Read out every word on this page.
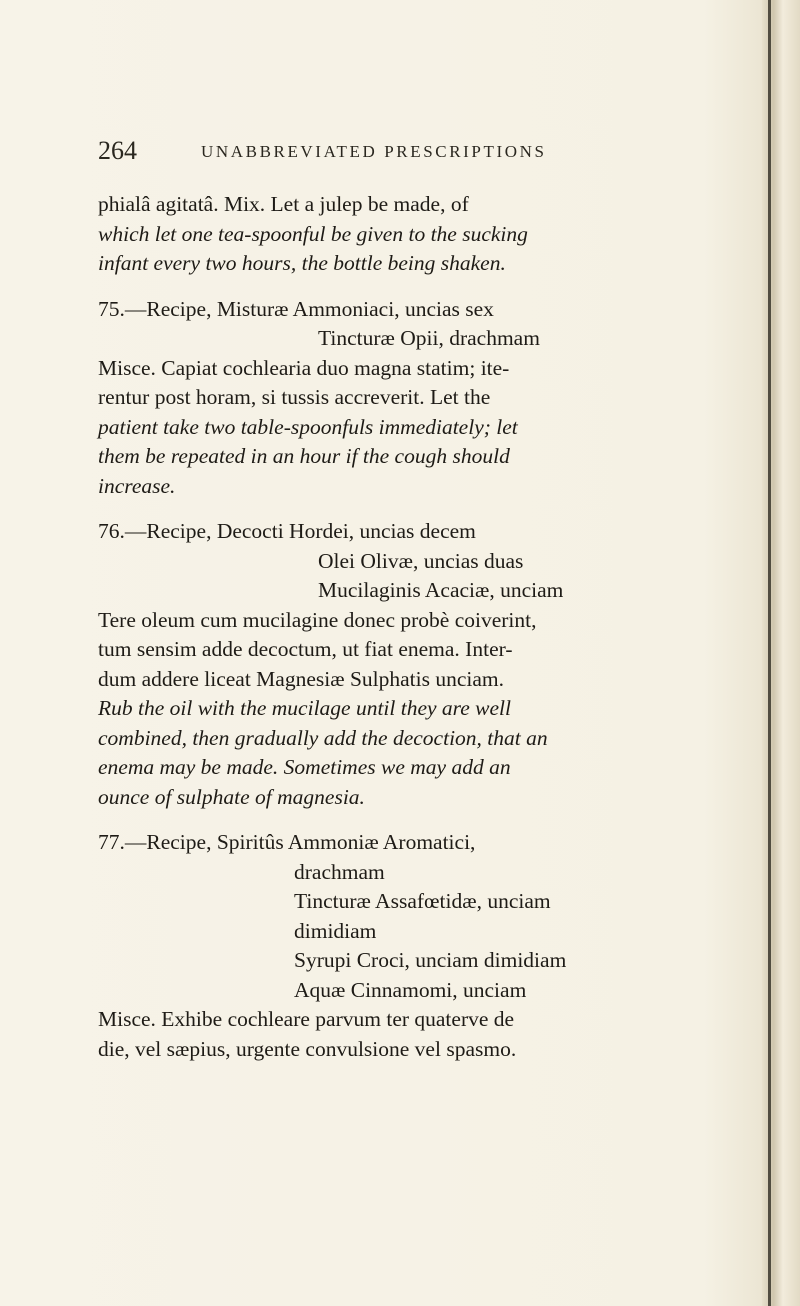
264	UNABBREVIATED PRESCRIPTIONS

phialâ agitatâ. Mix. Let a julep be made, of
which let one tea-spoonful be given to the sucking
infant every two hours, the bottle being shaken.

75.—Recipe, Misturæ Ammoniaci, uncias sex
Tincturæ Opii, drachmam
Misce. Capiat cochlearia duo magna statim; ite-
rentur post horam, si tussis accreverit. Let the
patient take two table-spoonfuls immediately; let
them be repeated in an hour if the cough should
increase.

76.—Recipe, Decocti Hordei, uncias decem
Olei Olivæ, uncias duas
Mucilaginis Acaciæ, unciam
Tere oleum cum mucilagine donec probè coiverint,
tum sensim adde decoctum, ut fiat enema. Inter-
dum addere liceat Magnesiæ Sulphatis unciam.
Rub the oil with the mucilage until they are well
combined, then gradually add the decoction, that an
enema may be made. Sometimes we may add an
ounce of sulphate of magnesia.

77.—Recipe, Spiritûs Ammoniæ Aromatici,
drachmam
Tincturæ Assafœtidæ, unciam
dimidiam
Syrupi Croci, unciam dimidiam
Aquæ Cinnamomi, unciam
Misce. Exhibe cochleare parvum ter quaterve de
die, vel sæpius, urgente convulsione vel spasmo.
